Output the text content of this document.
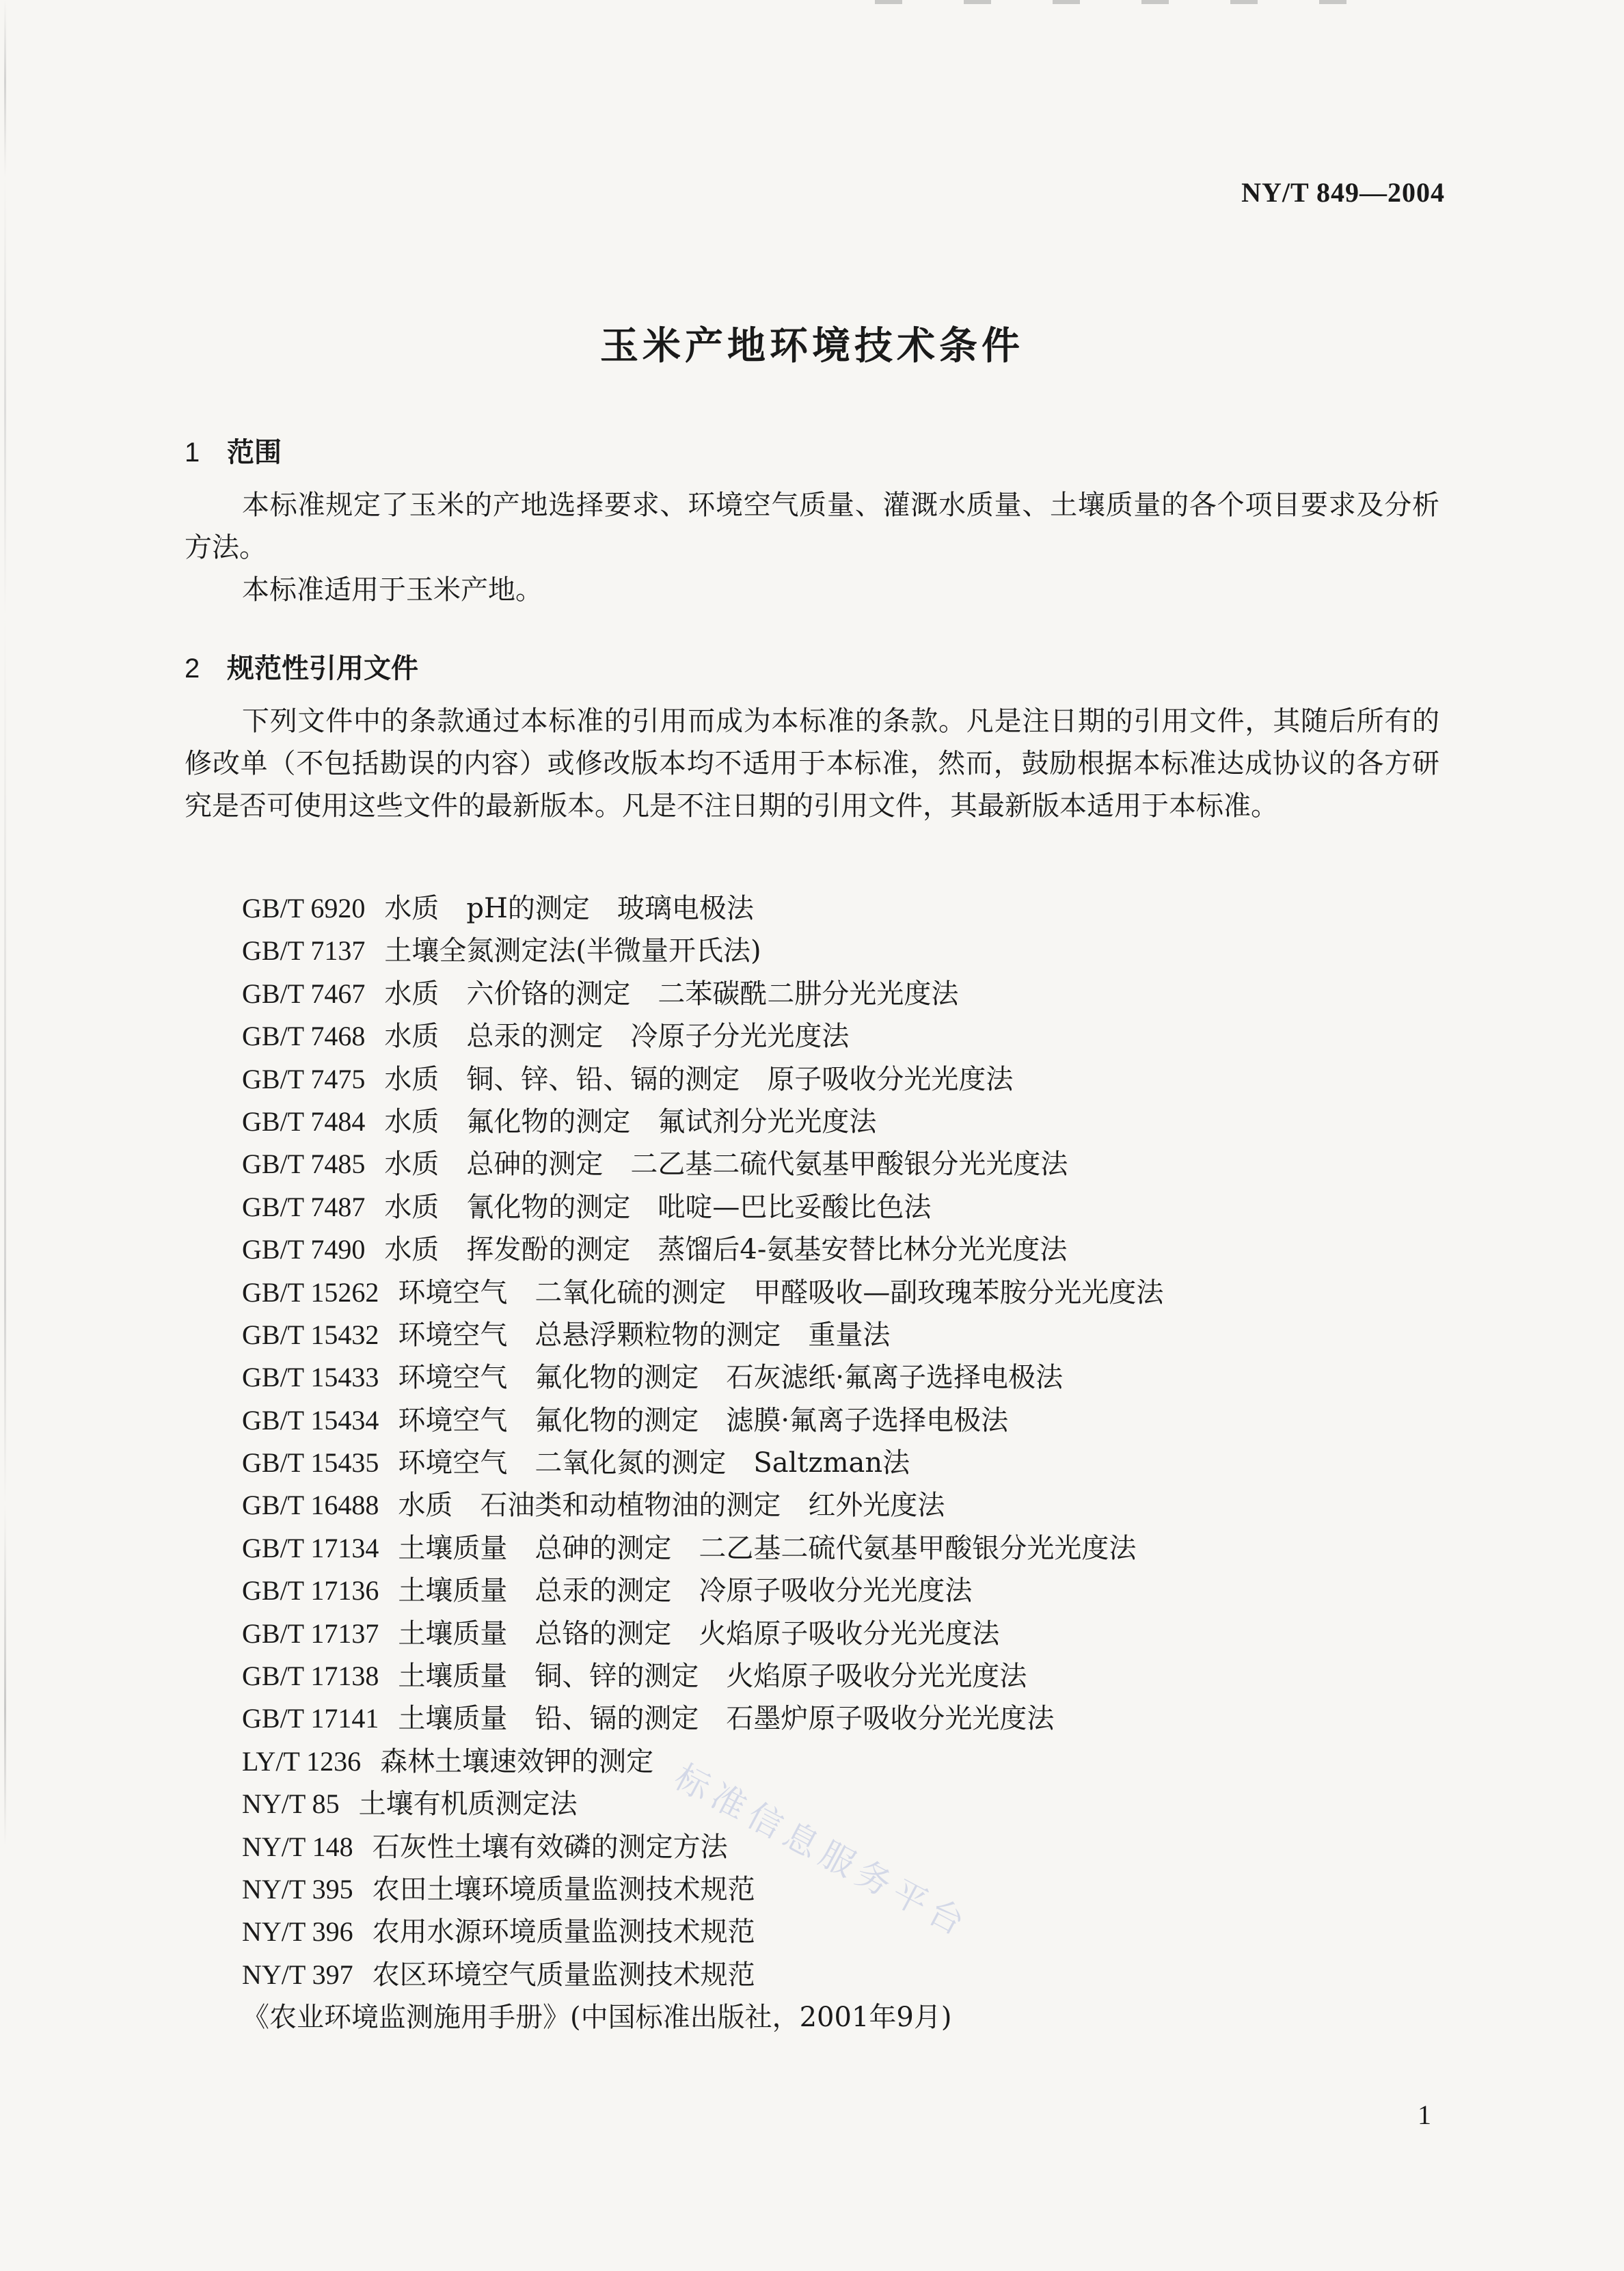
NY/T 849—2004
玉米产地环境技术条件
1 范围

本标准规定了玉米的产地选择要求、环境空气质量、灌溉水质量、土壤质量的各个项目要求及分析方法。

本标准适用于玉米产地。

2 规范性引用文件

下列文件中的条款通过本标准的引用而成为本标准的条款。凡是注日期的引用文件，其随后所有的修改单（不包括勘误的内容）或修改版本均不适用于本标准，然而，鼓励根据本标准达成协议的各方研究是否可使用这些文件的最新版本。凡是不注日期的引用文件，其最新版本适用于本标准。

GB/T 6920 水质　pH的测定　玻璃电极法
GB/T 7137 土壤全氮测定法(半微量开氏法)
GB/T 7467 水质　六价铬的测定　二苯碳酰二肼分光光度法
GB/T 7468 水质　总汞的测定　冷原子分光光度法
GB/T 7475 水质　铜、锌、铅、镉的测定　原子吸收分光光度法
GB/T 7484 水质　氟化物的测定　氟试剂分光光度法
GB/T 7485 水质　总砷的测定　二乙基二硫代氨基甲酸银分光光度法
GB/T 7487 水质　氰化物的测定　吡啶—巴比妥酸比色法
GB/T 7490 水质　挥发酚的测定　蒸馏后4-氨基安替比林分光光度法
GB/T 15262 环境空气　二氧化硫的测定　甲醛吸收—副玫瑰苯胺分光光度法
GB/T 15432 环境空气　总悬浮颗粒物的测定　重量法
GB/T 15433 环境空气　氟化物的测定　石灰滤纸·氟离子选择电极法
GB/T 15434 环境空气　氟化物的测定　滤膜·氟离子选择电极法
GB/T 15435 环境空气　二氧化氮的测定　Saltzman法
GB/T 16488 水质　石油类和动植物油的测定　红外光度法
GB/T 17134 土壤质量　总砷的测定　二乙基二硫代氨基甲酸银分光光度法
GB/T 17136 土壤质量　总汞的测定　冷原子吸收分光光度法
GB/T 17137 土壤质量　总铬的测定　火焰原子吸收分光光度法
GB/T 17138 土壤质量　铜、锌的测定　火焰原子吸收分光光度法
GB/T 17141 土壤质量　铅、镉的测定　石墨炉原子吸收分光光度法
LY/T 1236 森林土壤速效钾的测定
NY/T 85 土壤有机质测定法
NY/T 148 石灰性土壤有效磷的测定方法
NY/T 395 农田土壤环境质量监测技术规范
NY/T 396 农用水源环境质量监测技术规范
NY/T 397 农区环境空气质量监测技术规范
《农业环境监测施用手册》(中国标准出版社，2001年9月)
标准信息服务平台
1
